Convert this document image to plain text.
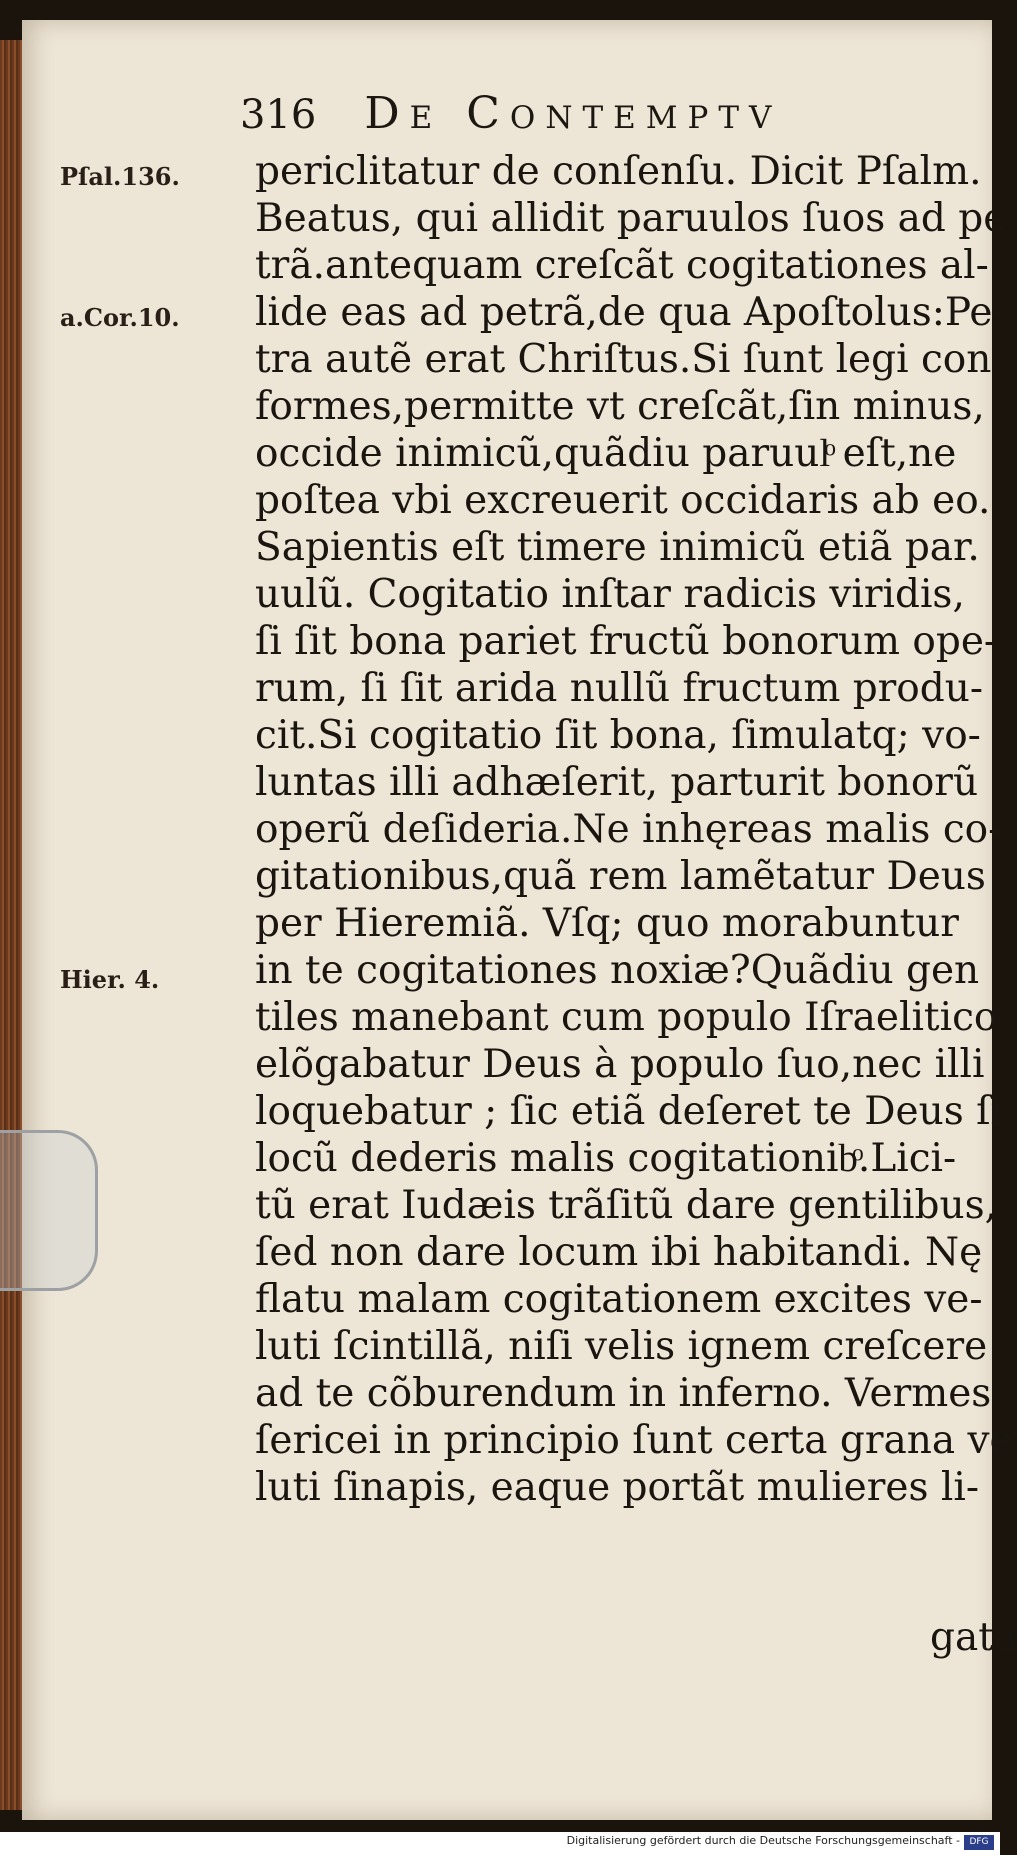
316 De Contemptv
Pſal.136.
a.Cor.10.
Hier. 4.
periclitatur de conſenſu. Dicit Pſalm.
Beatus, qui allidit paruulos ſuos ad pe
trã.antequam creſcãt cogitationes al-
lide eas ad petrã,de qua Apoſtolus:Pe-
tra autẽ erat Chriſtus.Si ſunt legi con.
formes,permitte vt creſcãt,ſin minus,
occide inimicũ,quãdiu paruulͦ eſt,ne
poſtea vbi excreuerit occidaris ab eo.
Sapientis eſt timere inimicũ etiã par.
uulũ. Cogitatio inſtar radicis viridis,
ſi ſit bona pariet fructũ bonorum ope-
rum, ſi ſit arida nullũ fructum produ-
cit.Si cogitatio ſit bona, ſimulatq; vo-
luntas illi adhæſerit, parturit bonorũ
operũ deſideria.Ne inhęreas malis co-
gitationibus,quã rem lamẽtatur Deus
per Hieremiã. Vſq; quo morabuntur
in te cogitationes noxiæ?Quãdiu gen
tiles manebant cum populo Iſraelitico
elõgabatur Deus à populo ſuo,nec illi
loquebatur ; ſic etiã deſeret te Deus ſi
locũ dederis malis cogitationibͦ.Lici-
tũ erat Iudæis trãſitũ dare gentilibus,
ſed non dare locum ibi habitandi. Nę
flatu malam cogitationem excites ve-
luti ſcintillã, niſi velis ignem creſcere
ad te cõburendum in inferno. Vermes
ſericei in principio ſunt certa grana ve
luti ſinapis, eaque portãt mulieres li-
gata
Digitalisierung gefördert durch die Deutsche Forschungsgemeinschaft -	DFG
